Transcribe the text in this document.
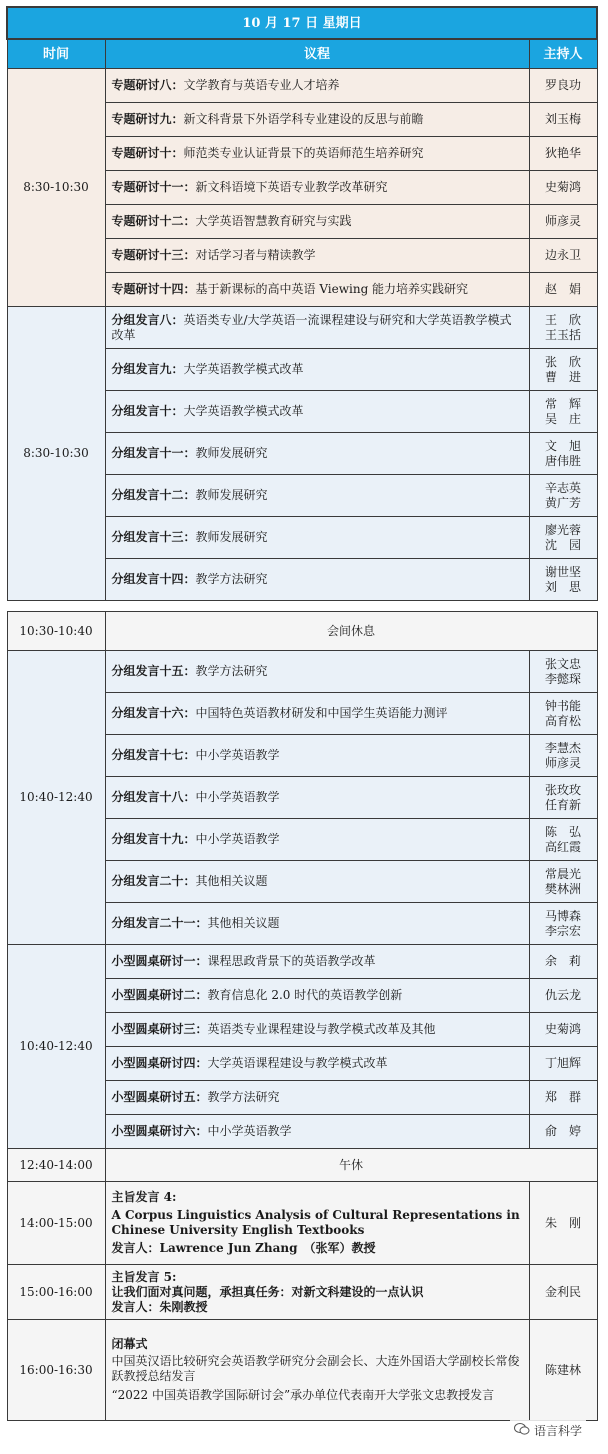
10 月 17 日 星期日		
时间	议程	主持人
8:30-10:30	专题研讨八：文学教育与英语专业人才培养	罗良功

	专题研讨九：新文科背景下外语学科专业建设的反思与前瞻	刘玉梅

	专题研讨十：师范类专业认证背景下的英语师范生培养研究	狄艳华

	专题研讨十一：新文科语境下英语专业教学改革研究	史菊鸿

	专题研讨十二：大学英语智慧教育研究与实践	师彦灵

	专题研讨十三：对话学习者与精读教学	边永卫

	专题研讨十四：基于新课标的高中英语 Viewing 能力培养实践研究	赵　娟

8:30-10:30	分组发言八：英语类专业/大学英语一流课程建设与研究和大学英语教学模式改革	王　欣
王玉括

	分组发言九：大学英语教学模式改革	张　欣
曹　进

	分组发言十：大学英语教学模式改革	常　辉
吴　庄

	分组发言十一：教师发展研究	文　旭
唐伟胜

	分组发言十二：教师发展研究	辛志英
黄广芳

	分组发言十三：教师发展研究	廖光蓉
沈　园

	分组发言十四：教学方法研究	谢世坚
刘　思

10:30-10:40	会间休息	
10:40-12:40	分组发言十五：教学方法研究	张文忠
李懿琛

	分组发言十六：中国特色英语教材研发和中国学生英语能力测评	钟书能
高育松

	分组发言十七：中小学英语教学	李慧杰
师彦灵

	分组发言十八：中小学英语教学	张玫玫
任育新

	分组发言十九：中小学英语教学	陈　弘
高红霞

	分组发言二十：其他相关议题	常晨光
樊林洲

	分组发言二十一：其他相关议题	马博森
李宗宏

10:40-12:40	小型圆桌研讨一：课程思政背景下的英语教学改革	余　莉

	小型圆桌研讨二：教育信息化 2.0 时代的英语教学创新	仇云龙

	小型圆桌研讨三：英语类专业课程建设与教学模式改革及其他	史菊鸿

	小型圆桌研讨四：大学英语课程建设与教学模式改革	丁旭辉

	小型圆桌研讨五：教学方法研究	郑　群

	小型圆桌研讨六：中小学英语教学	俞　婷

12:40-14:00	午休	
14:00-15:00	主旨发言 4:
A Corpus Linguistics Analysis of Cultural Representations in Chinese University English Textbooks
发言人：Lawrence Jun Zhang　（张军）教授	朱　刚
15:00-16:00	主旨发言 5:
让我们面对真问题，承担真任务：对新文科建设的一点认识
发言人：朱刚教授	金利民
16:00-16:30	闭幕式
中国英汉语比较研究会英语教学研究分会副会长、大连外国语大学副校长常俊跃教授总结发言
“2022 中国英语教学国际研讨会”承办单位代表南开大学张文忠教授发言	陈建林
语言科学
